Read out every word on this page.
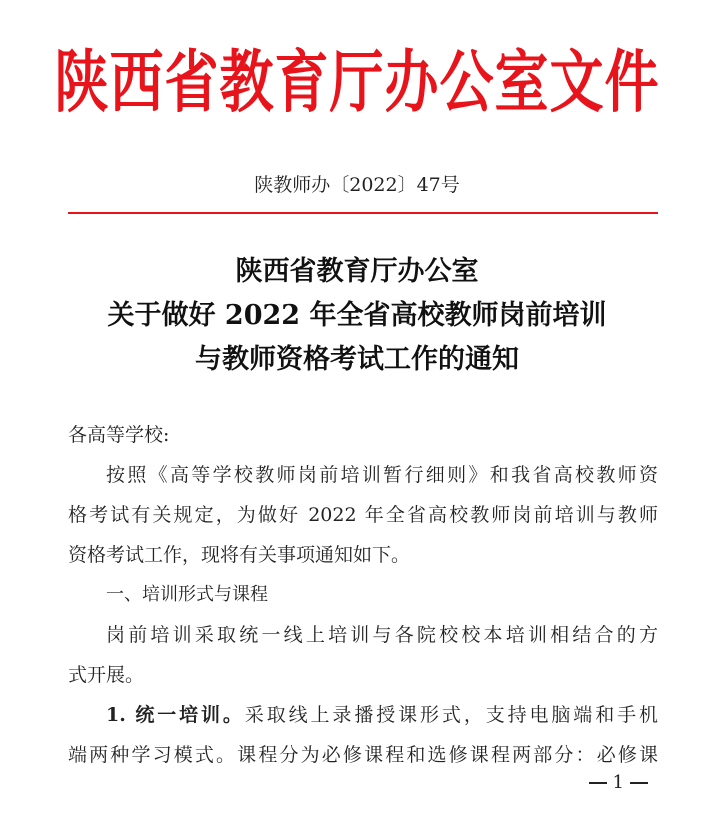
陕西省教育厅办公室文件
陕教师办〔2022〕47号
陕西省教育厅办公室
关于做好 2022 年全省高校教师岗前培训
与教师资格考试工作的通知
各高等学校:
按照《高等学校教师岗前培训暂行细则》和我省高校教师资
格考试有关规定，为做好 2022 年全省高校教师岗前培训与教师
资格考试工作，现将有关事项通知如下。
一、培训形式与课程
岗前培训采取统一线上培训与各院校校本培训相结合的方
式开展。
1. 统一培训。采取线上录播授课形式，支持电脑端和手机
端两种学习模式。课程分为必修课程和选修课程两部分：必修课
1
